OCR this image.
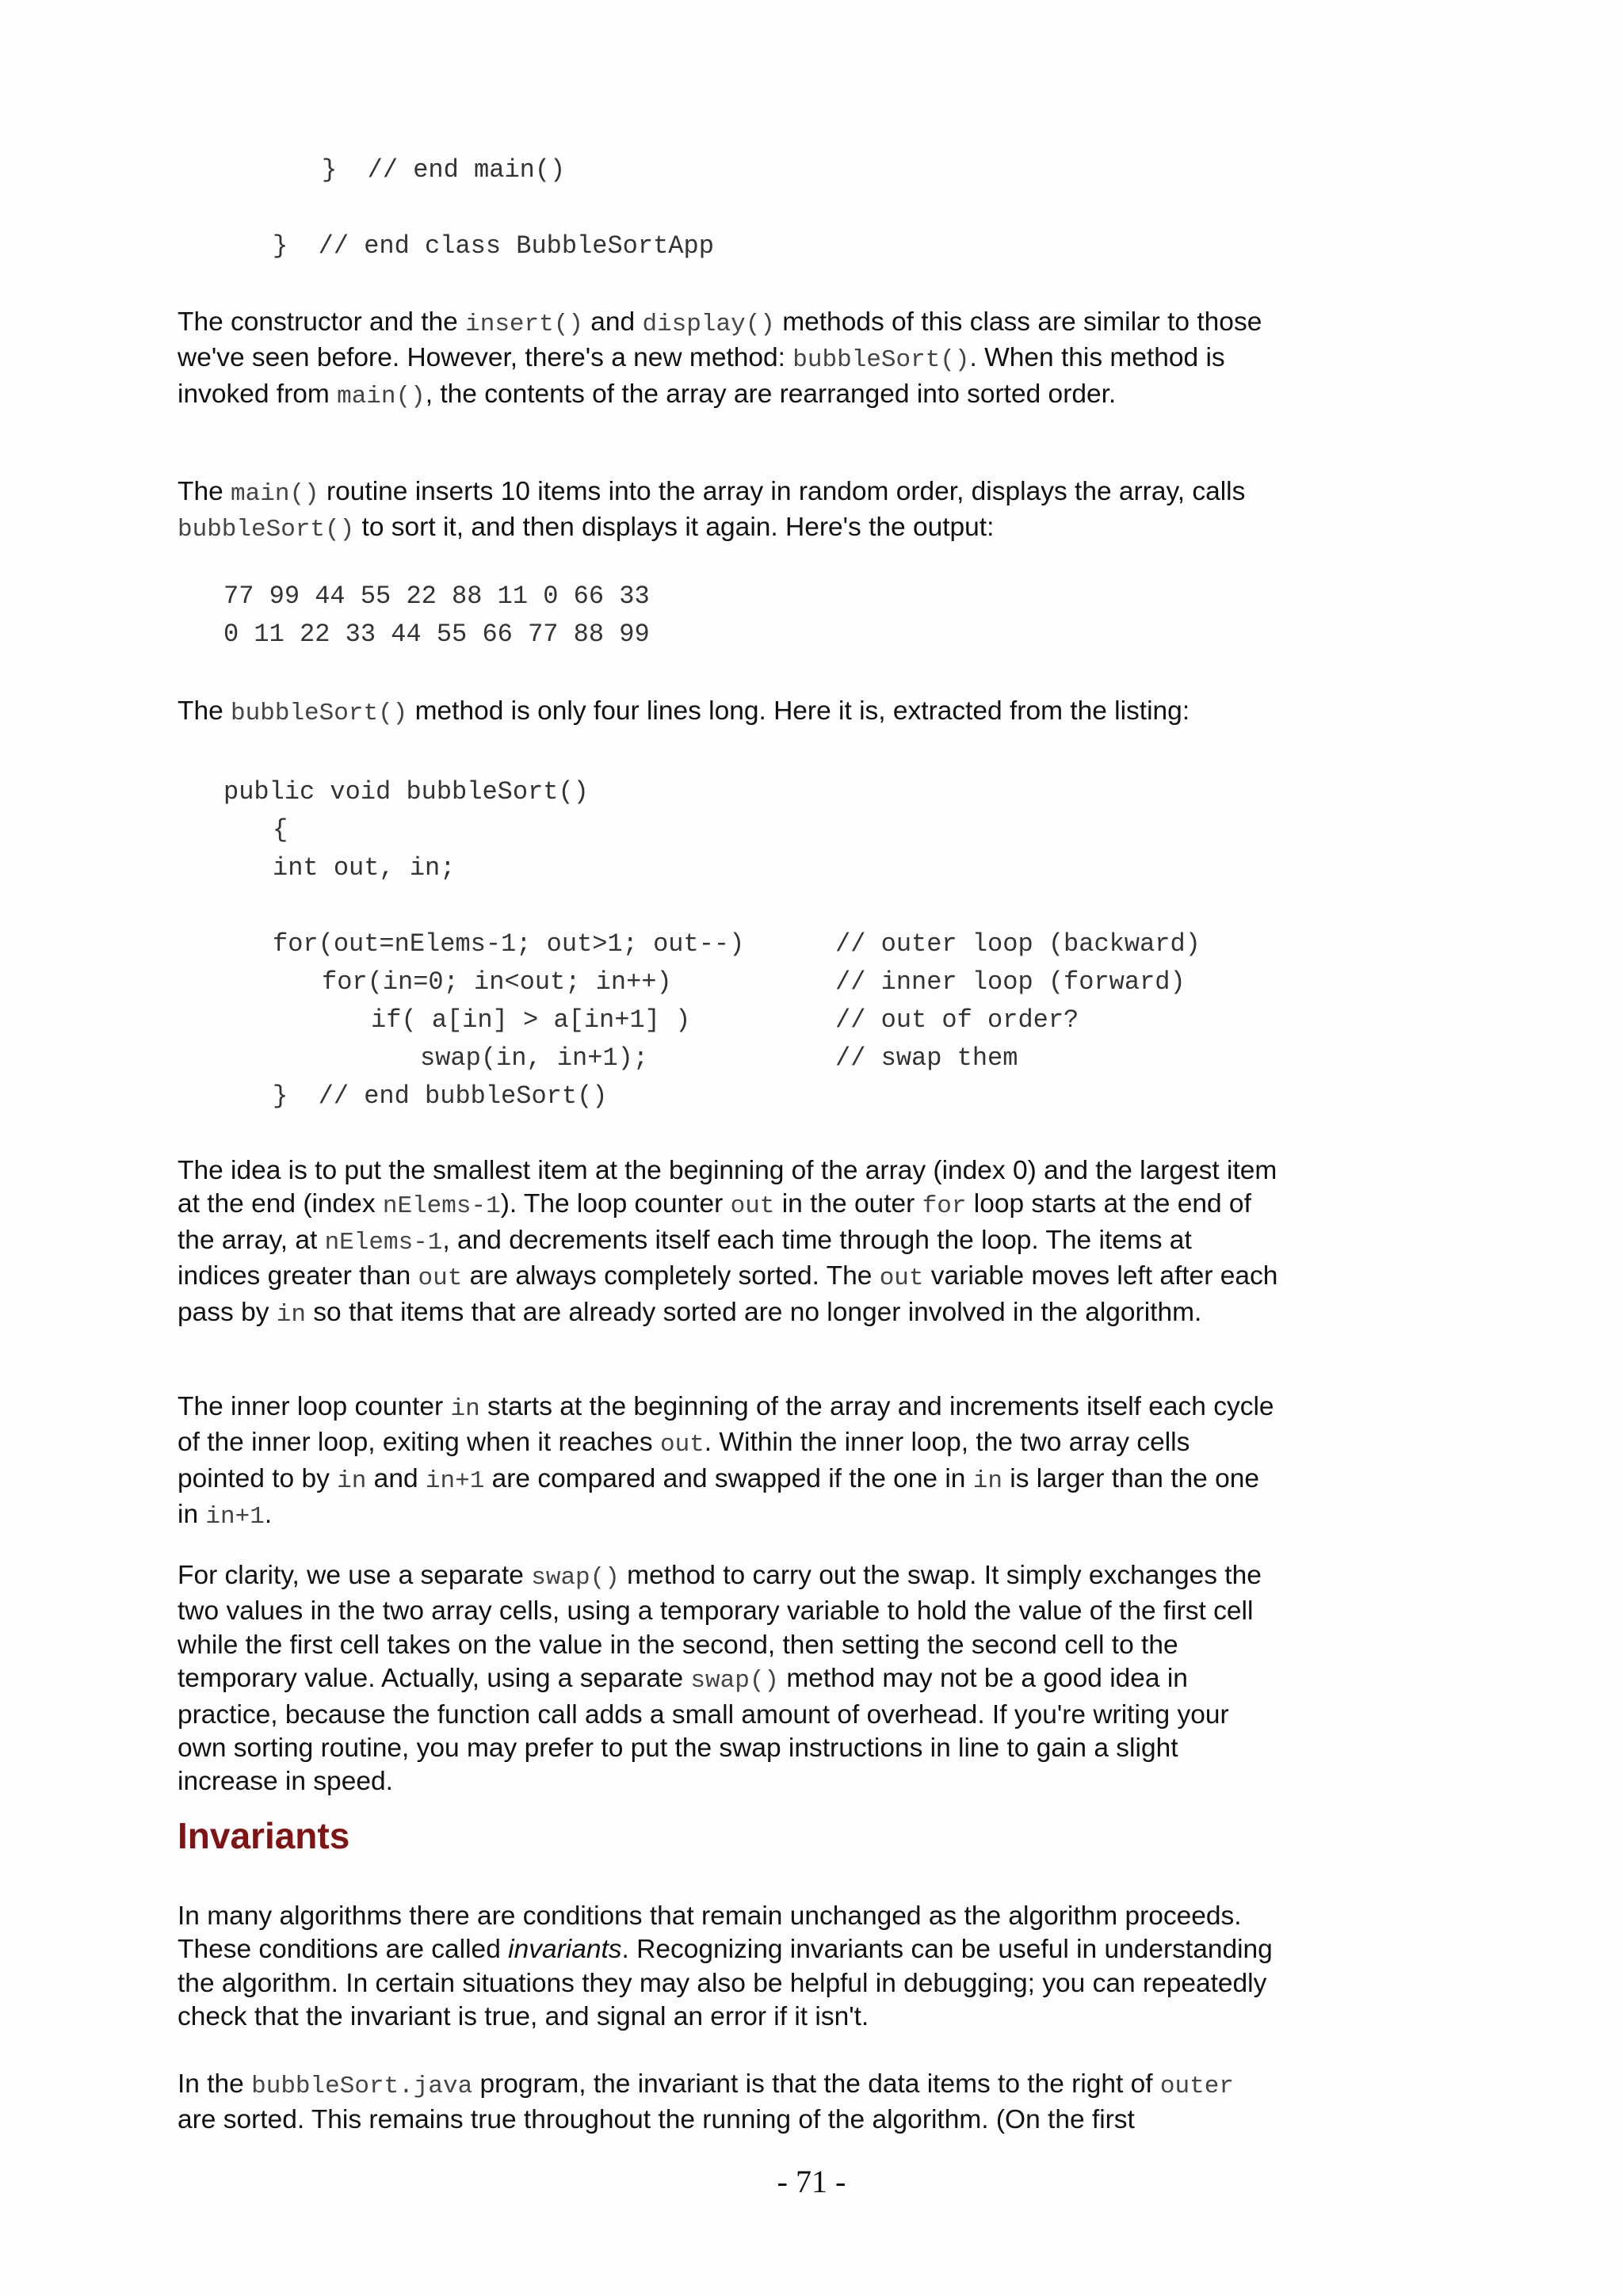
}  // end main()
}  // end class BubbleSortApp

The constructor and the insert() and display() methods of this class are similar to those we've seen before. However, there's a new method: bubbleSort(). When this method is invoked from main(), the contents of the array are rearranged into sorted order.

The main() routine inserts 10 items into the array in random order, displays the array, calls bubbleSort() to sort it, and then displays it again. Here's the output:

77 99 44 55 22 88 11 0 66 33
0 11 22 33 44 55 66 77 88 99

The bubbleSort() method is only four lines long. Here it is, extracted from the listing:

public void bubbleSort()
{
int out, in;
for(out=nElems-1; out>1; out--)	// outer loop (backward)
for(in=0; in<out; in++)	// inner loop (forward)
if( a[in] > a[in+1] )	// out of order?
swap(in, in+1);	// swap them
}  // end bubbleSort()

The idea is to put the smallest item at the beginning of the array (index 0) and the largest item at the end (index nElems-1). The loop counter out in the outer for loop starts at the end of the array, at nElems-1, and decrements itself each time through the loop. The items at indices greater than out are always completely sorted. The out variable moves left after each pass by in so that items that are already sorted are no longer involved in the algorithm.

The inner loop counter in starts at the beginning of the array and increments itself each cycle of the inner loop, exiting when it reaches out. Within the inner loop, the two array cells pointed to by in and in+1 are compared and swapped if the one in in is larger than the one in in+1.

For clarity, we use a separate swap() method to carry out the swap. It simply exchanges the two values in the two array cells, using a temporary variable to hold the value of the first cell while the first cell takes on the value in the second, then setting the second cell to the temporary value. Actually, using a separate swap() method may not be a good idea in practice, because the function call adds a small amount of overhead. If you're writing your own sorting routine, you may prefer to put the swap instructions in line to gain a slight increase in speed.

Invariants

In many algorithms there are conditions that remain unchanged as the algorithm proceeds. These conditions are called invariants. Recognizing invariants can be useful in understanding the algorithm. In certain situations they may also be helpful in debugging; you can repeatedly check that the invariant is true, and signal an error if it isn't.

In the bubbleSort.java program, the invariant is that the data items to the right of outer are sorted. This remains true throughout the running of the algorithm. (On the first

- 71 -
